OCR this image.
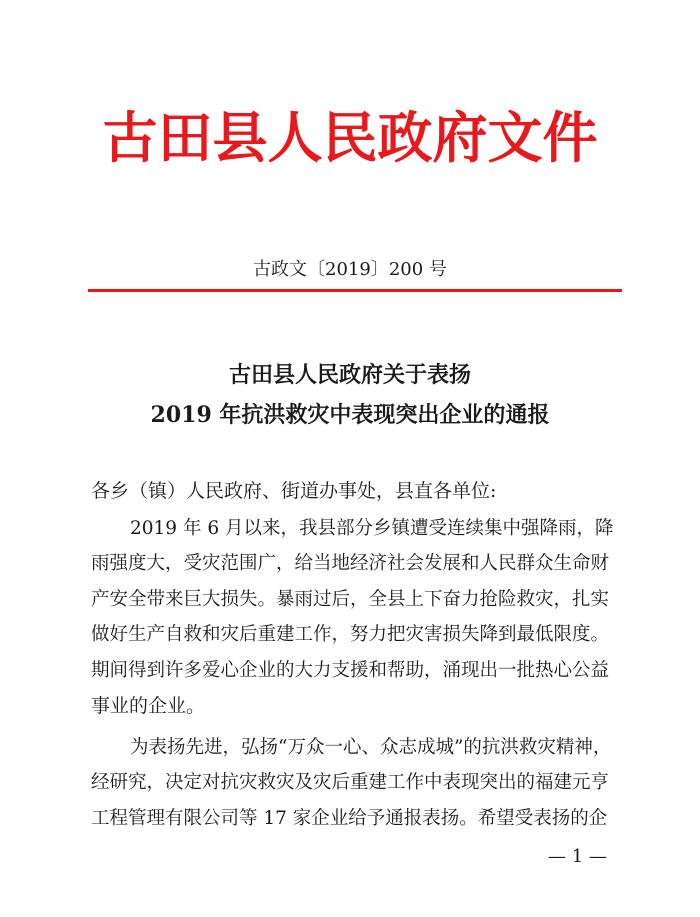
古田县人民政府文件
古政文〔2019〕200 号
古田县人民政府关于表扬
2019 年抗洪救灾中表现突出企业的通报
各乡（镇）人民政府、街道办事处，县直各单位:
2019 年 6 月以来，我县部分乡镇遭受连续集中强降雨，降
雨强度大，受灾范围广，给当地经济社会发展和人民群众生命财
产安全带来巨大损失。暴雨过后，全县上下奋力抢险救灾，扎实
做好生产自救和灾后重建工作，努力把灾害损失降到最低限度。
期间得到许多爱心企业的大力支援和帮助，涌现出一批热心公益
事业的企业。
为表扬先进，弘扬“万众一心、众志成城”的抗洪救灾精神，
经研究，决定对抗灾救灾及灾后重建工作中表现突出的福建元亨
工程管理有限公司等 17 家企业给予通报表扬。希望受表扬的企
— 1 —
